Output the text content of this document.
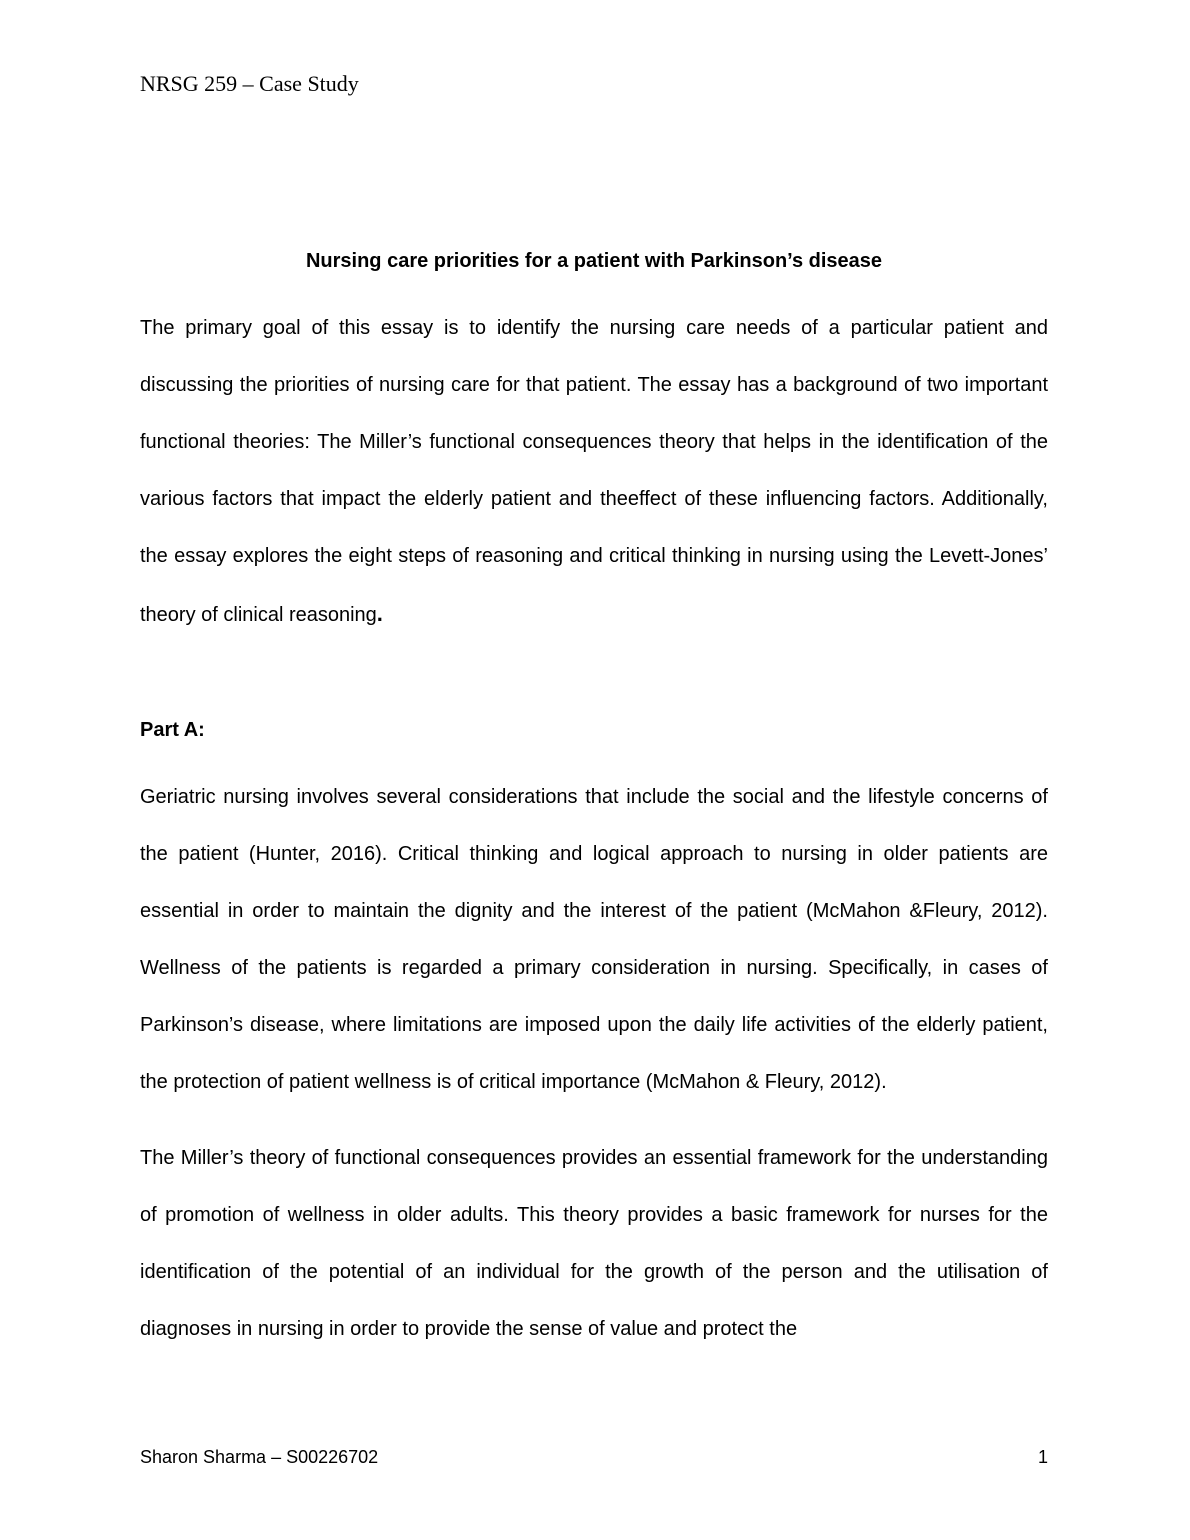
NRSG 259 – Case Study
Nursing care priorities for a patient with Parkinson’s disease

The primary goal of this essay is to identify the nursing care needs of a particular patient and discussing the priorities of nursing care for that patient. The essay has a background of two important functional theories: The Miller’s functional consequences theory that helps in the identification of the various factors that impact the elderly patient and theeffect of these influencing factors. Additionally, the essay explores the eight steps of reasoning and critical thinking in nursing using the Levett-Jones’ theory of clinical reasoning.

Part A:

Geriatric nursing involves several considerations that include the social and the lifestyle concerns of the patient (Hunter, 2016). Critical thinking and logical approach to nursing in older patients are essential in order to maintain the dignity and the interest of the patient (McMahon &Fleury, 2012). Wellness of the patients is regarded a primary consideration in nursing. Specifically, in cases of Parkinson’s disease, where limitations are imposed upon the daily life activities of the elderly patient, the protection of patient wellness is of critical importance (McMahon & Fleury, 2012).

The Miller’s theory of functional consequences provides an essential framework for the understanding of promotion of wellness in older adults. This theory provides a basic framework for nurses for the identification of the potential of an individual for the growth of the person and the utilisation of diagnoses in nursing in order to provide the sense of value and protect the

Sharon Sharma – S00226702	1
